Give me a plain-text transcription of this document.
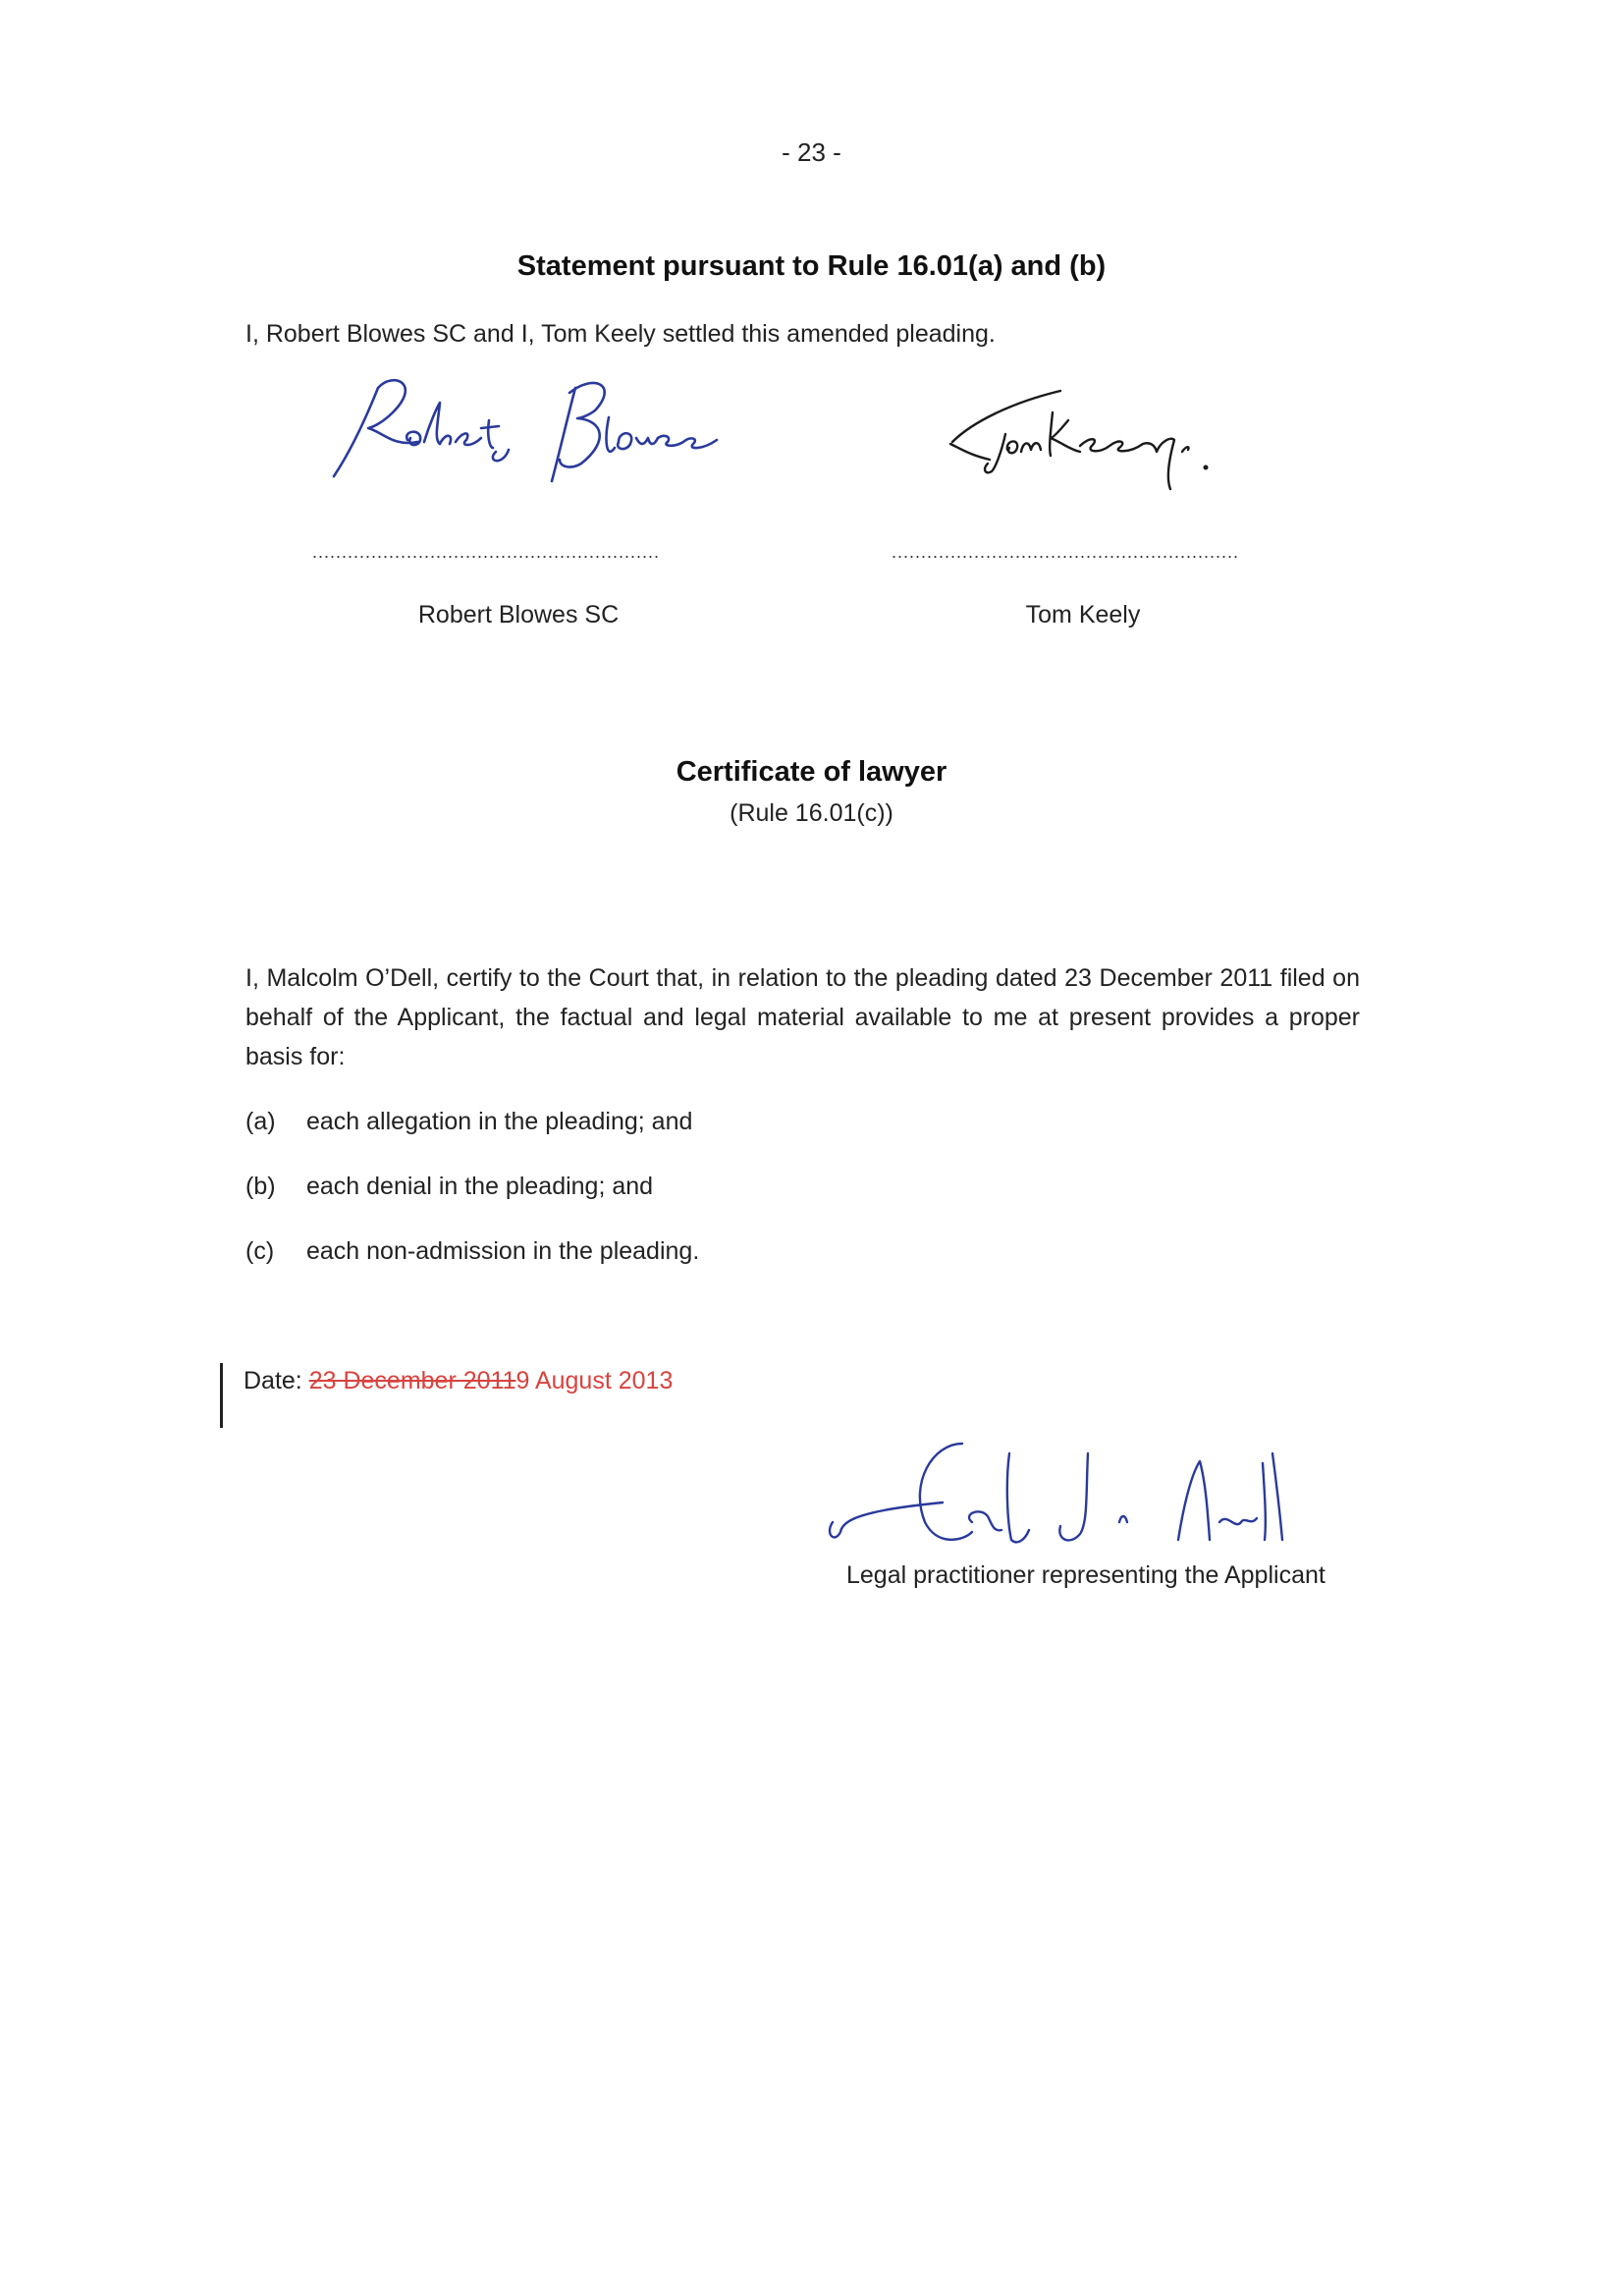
- 23 -
Statement pursuant to Rule 16.01(a) and (b)
I, Robert Blowes SC and I, Tom Keely settled this amended pleading.
...........................................................
Robert Blowes SC
...........................................................
Tom Keely
Certificate of lawyer
(Rule 16.01(c))
I, Malcolm O’Dell, certify to the Court that, in relation to the pleading dated 23 December 2011 filed on behalf of the Applicant, the factual and legal material available to me at present provides a proper basis for:
(a)	each allegation in the pleading; and
(b)	each denial in the pleading; and
(c)	each non-admission in the pleading.
Date: 23 December 20119 August 2013
Legal practitioner representing the Applicant
